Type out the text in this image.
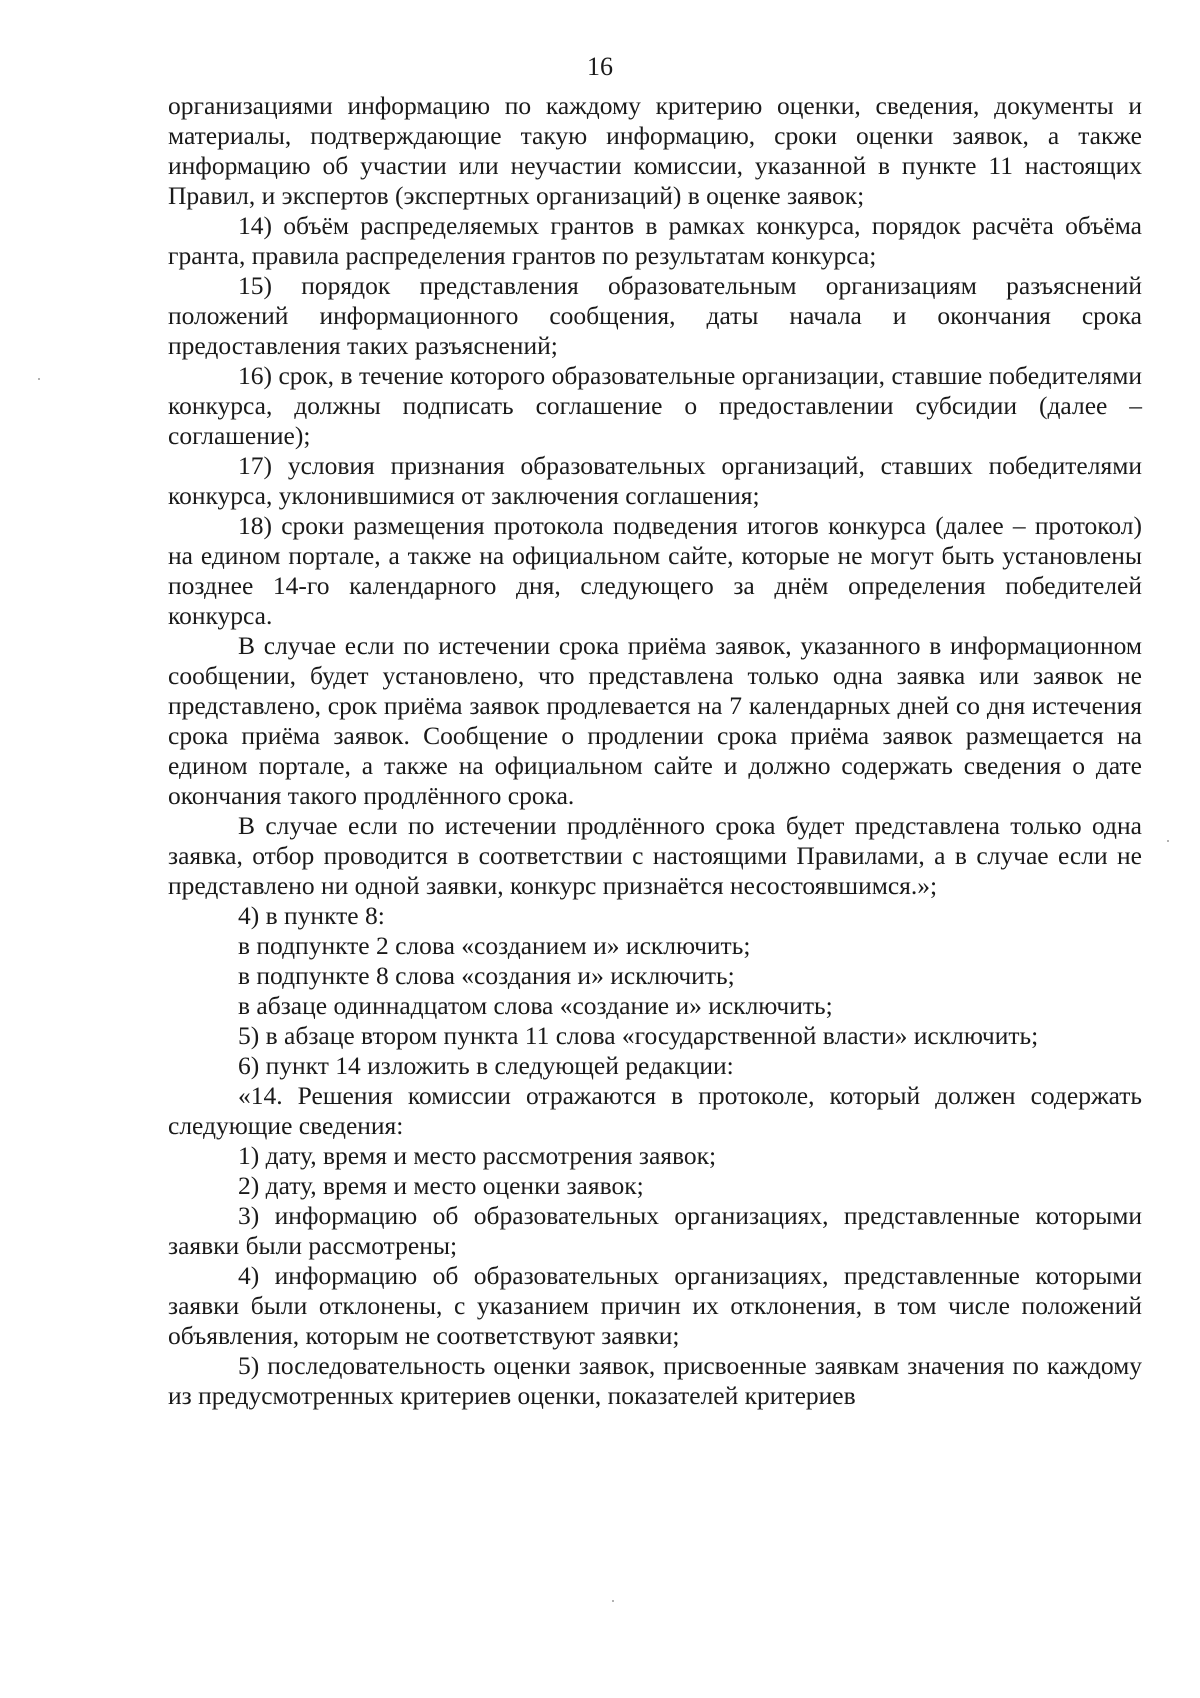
16

организациями информацию по каждому критерию оценки, сведения, документы и материалы, подтверждающие такую информацию, сроки оценки заявок, а также информацию об участии или неучастии комиссии, указанной в пункте 11 настоящих Правил, и экспертов (экспертных организаций) в оценке заявок;

14) объём распределяемых грантов в рамках конкурса, порядок расчёта объёма гранта, правила распределения грантов по результатам конкурса;

15) порядок представления образовательным организациям разъяснений положений информационного сообщения, даты начала и окончания срока предоставления таких разъяснений;

16) срок, в течение которого образовательные организации, ставшие победителями конкурса, должны подписать соглашение о предоставлении субсидии (далее – соглашение);

17) условия признания образовательных организаций, ставших победителями конкурса, уклонившимися от заключения соглашения;

18) сроки размещения протокола подведения итогов конкурса (далее – протокол) на едином портале, а также на официальном сайте, которые не могут быть установлены позднее 14-го календарного дня, следующего за днём определения победителей конкурса.

В случае если по истечении срока приёма заявок, указанного в информационном сообщении, будет установлено, что представлена только одна заявка или заявок не представлено, срок приёма заявок продлевается на 7 календарных дней со дня истечения срока приёма заявок. Сообщение о продлении срока приёма заявок размещается на едином портале, а также на официальном сайте и должно содержать сведения о дате окончания такого продлённого срока.

В случае если по истечении продлённого срока будет представлена только одна заявка, отбор проводится в соответствии с настоящими Правилами, а в случае если не представлено ни одной заявки, конкурс признаётся несостоявшимся.»;

4) в пункте 8:

в подпункте 2 слова «созданием и» исключить;

в подпункте 8 слова «создания и» исключить;

в абзаце одиннадцатом слова «создание и» исключить;

5) в абзаце втором пункта 11 слова «государственной власти» исключить;

6) пункт 14 изложить в следующей редакции:

«14. Решения комиссии отражаются в протоколе, который должен содержать следующие сведения:

1) дату, время и место рассмотрения заявок;

2) дату, время и место оценки заявок;

3) информацию об образовательных организациях, представленные которыми заявки были рассмотрены;

4) информацию об образовательных организациях, представленные которыми заявки были отклонены, с указанием причин их отклонения, в том числе положений объявления, которым не соответствуют заявки;

5) последовательность оценки заявок, присвоенные заявкам значения по каждому из предусмотренных критериев оценки, показателей критериев
